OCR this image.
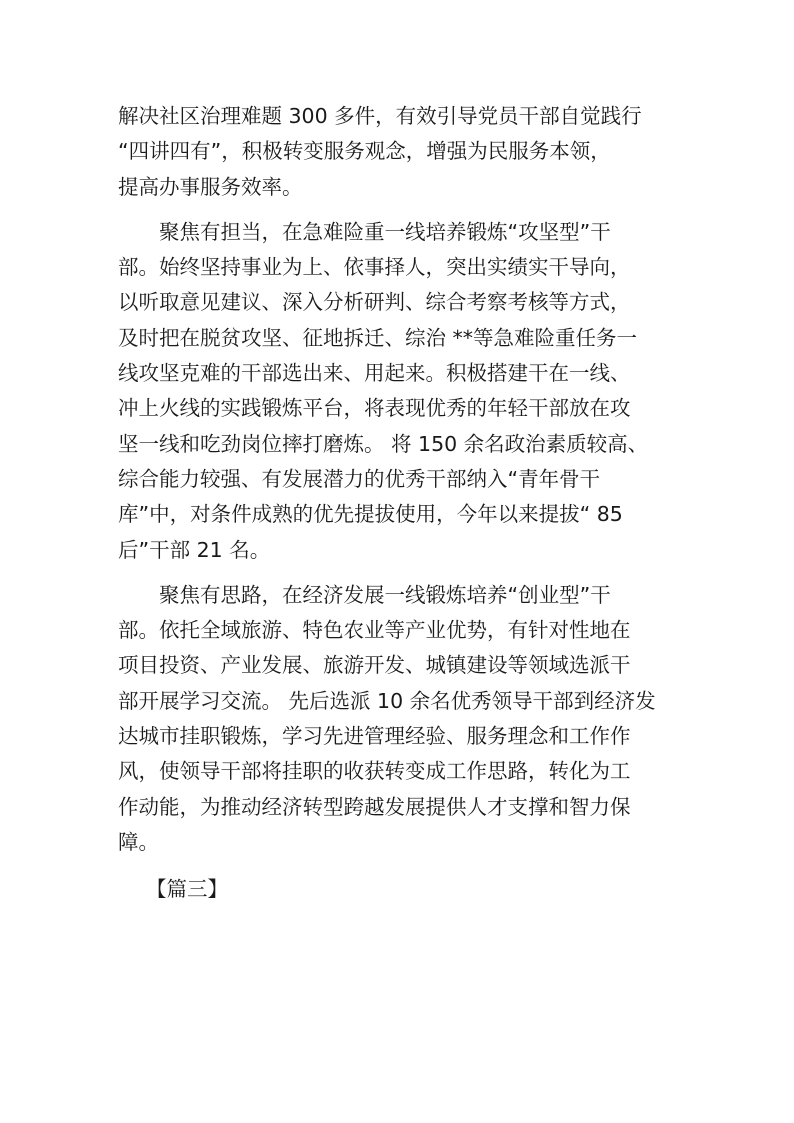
解决社区治理难题 300 多件，有效引导党员干部自觉践行
“四讲四有”，积极转变服务观念，增强为民服务本领，
提高办事服务效率。
聚焦有担当，在急难险重一线培养锻炼“攻坚型”干
部。始终坚持事业为上、依事择人，突出实绩实干导向，
以听取意见建议、深入分析研判、综合考察考核等方式，
及时把在脱贫攻坚、征地拆迁、综治 **等急难险重任务一
线攻坚克难的干部选出来、用起来。积极搭建干在一线、
冲上火线的实践锻炼平台，将表现优秀的年轻干部放在攻
坚一线和吃劲岗位摔打磨炼。 将 150 余名政治素质较高、
综合能力较强、有发展潜力的优秀干部纳入“青年骨干
库”中，对条件成熟的优先提拔使用，今年以来提拔“ 85
后”干部 21 名。
聚焦有思路，在经济发展一线锻炼培养“创业型”干
部。依托全域旅游、特色农业等产业优势，有针对性地在
项目投资、产业发展、旅游开发、城镇建设等领域选派干
部开展学习交流。 先后选派 10 余名优秀领导干部到经济发
达城市挂职锻炼，学习先进管理经验、服务理念和工作作
风，使领导干部将挂职的收获转变成工作思路，转化为工
作动能，为推动经济转型跨越发展提供人才支撑和智力保
障。
【篇三】
